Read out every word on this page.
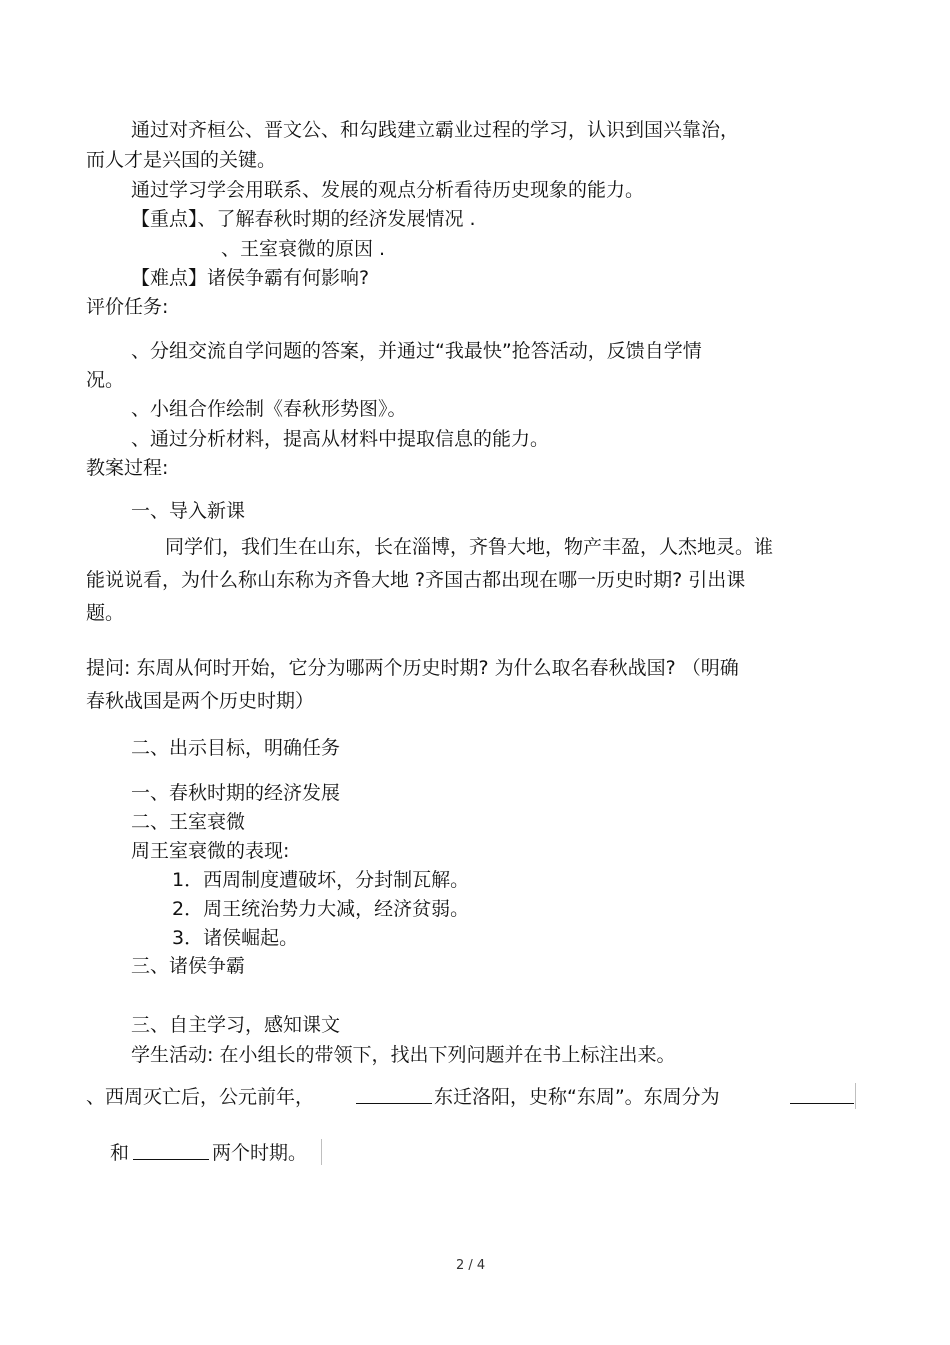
通过对齐桓公、晋文公、和勾践建立霸业过程的学习，认识到国兴靠治，
而人才是兴国的关键。
通过学习学会用联系、发展的观点分析看待历史现象的能力。
【重点】、了解春秋时期的经济发展情况 .
、王室衰微的原因 .
【难点】诸侯争霸有何影响?
评价任务:
、分组交流自学问题的答案，并通过“我最快”抢答活动，反馈自学情
况。
、小组合作绘制《春秋形势图》。
、通过分析材料，提高从材料中提取信息的能力。
教案过程:
一、导入新课
同学们，我们生在山东，长在淄博，齐鲁大地，物产丰盈，人杰地灵。谁
能说说看，为什么称山东称为齐鲁大地 ?齐国古都出现在哪一历史时期? 引出课
题。
提问: 东周从何时开始，它分为哪两个历史时期? 为什么取名春秋战国? （明确
春秋战国是两个历史时期）
二、出示目标，明确任务
一、春秋时期的经济发展
二、王室衰微
周王室衰微的表现:
1．西周制度遭破坏，分封制瓦解。
2．周王统治势力大减，经济贫弱。
3．诸侯崛起。
三、诸侯争霸
三、自主学习，感知课文
学生活动: 在小组长的带领下，找出下列问题并在书上标注出来。
、西周灭亡后，公元前年，	东迁洛阳，史称“东周”。东周分为
和	两个时期。
2 / 4
